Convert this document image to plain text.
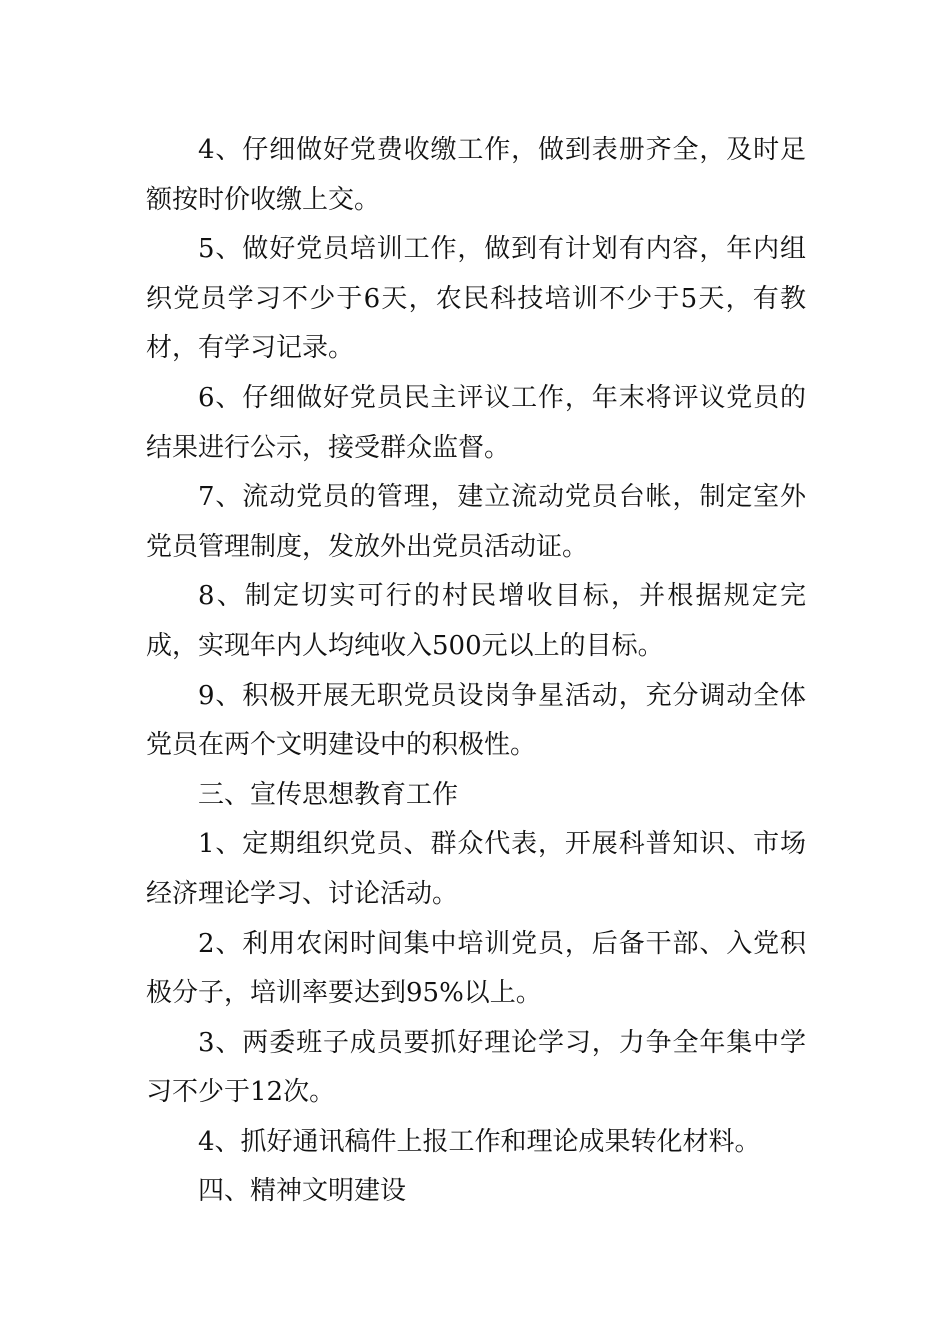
4、仔细做好党费收缴工作，做到表册齐全，及时足额按时价收缴上交。

5、做好党员培训工作，做到有计划有内容，年内组织党员学习不少于6天，农民科技培训不少于5天，有教材，有学习记录。

6、仔细做好党员民主评议工作，年末将评议党员的结果进行公示，接受群众监督。

7、流动党员的管理，建立流动党员台帐，制定室外党员管理制度，发放外出党员活动证。

8、制定切实可行的村民增收目标，并根据规定完成，实现年内人均纯收入500元以上的目标。

9、积极开展无职党员设岗争星活动，充分调动全体党员在两个文明建设中的积极性。

三、宣传思想教育工作

1、定期组织党员、群众代表，开展科普知识、市场经济理论学习、讨论活动。

2、利用农闲时间集中培训党员，后备干部、入党积极分子，培训率要达到95%以上。

3、两委班子成员要抓好理论学习，力争全年集中学习不少于12次。

4、抓好通讯稿件上报工作和理论成果转化材料。

四、精神文明建设
